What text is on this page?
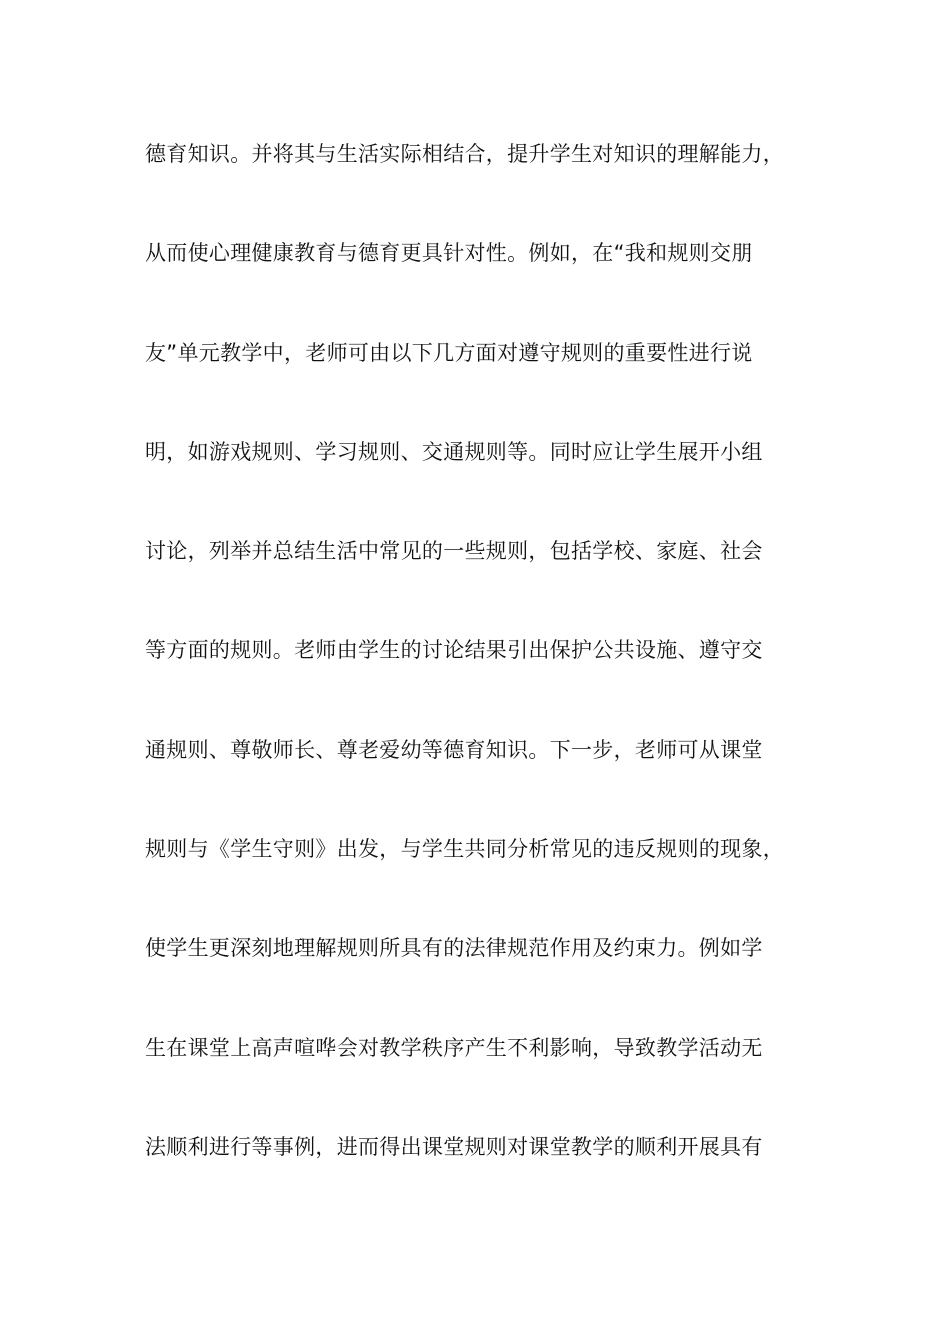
德育知识。并将其与生活实际相结合，提升学生对知识的理解能力，
从而使心理健康教育与德育更具针对性。例如，在“我和规则交朋
友”单元教学中，老师可由以下几方面对遵守规则的重要性进行说
明，如游戏规则、学习规则、交通规则等。同时应让学生展开小组
讨论，列举并总结生活中常见的一些规则，包括学校、家庭、社会
等方面的规则。老师由学生的讨论结果引出保护公共设施、遵守交
通规则、尊敬师长、尊老爱幼等德育知识。下一步，老师可从课堂
规则与《学生守则》出发，与学生共同分析常见的违反规则的现象，
使学生更深刻地理解规则所具有的法律规范作用及约束力。例如学
生在课堂上高声喧哗会对教学秩序产生不利影响，导致教学活动无
法顺利进行等事例，进而得出课堂规则对课堂教学的顺利开展具有
